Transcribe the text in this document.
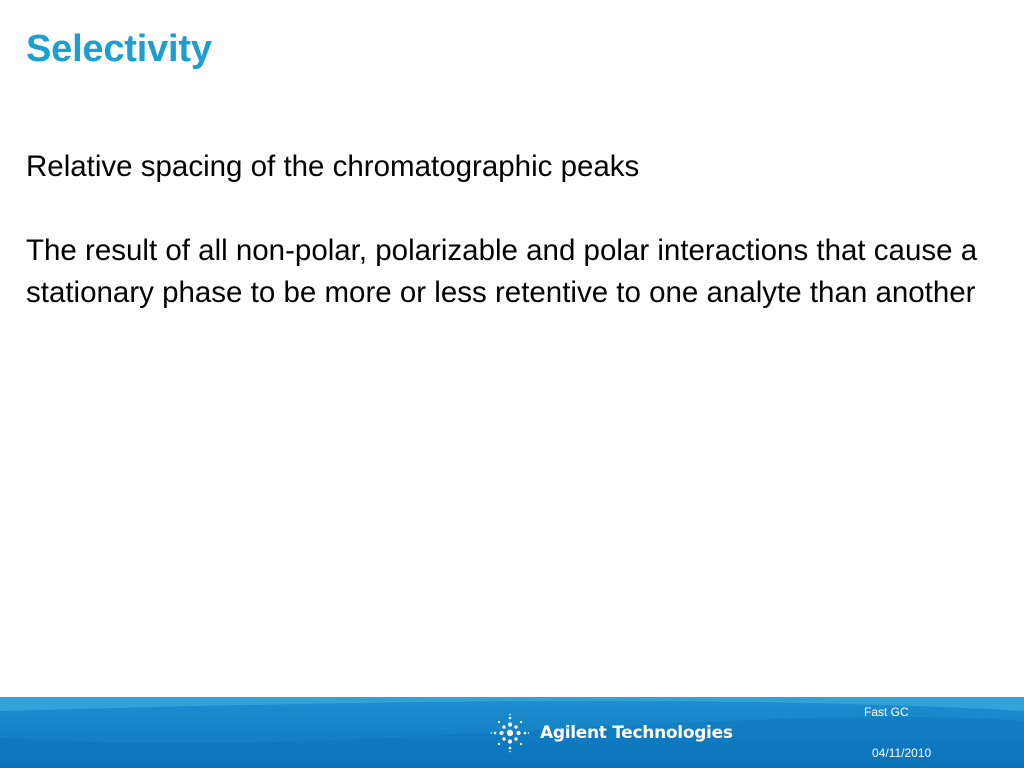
Selectivity

Relative spacing of the chromatographic peaks

The result of all non-polar, polarizable and polar interactions that cause a stationary phase to be more or less retentive to one analyte than another

Agilent Technologies
Fast GC
04/11/2010
